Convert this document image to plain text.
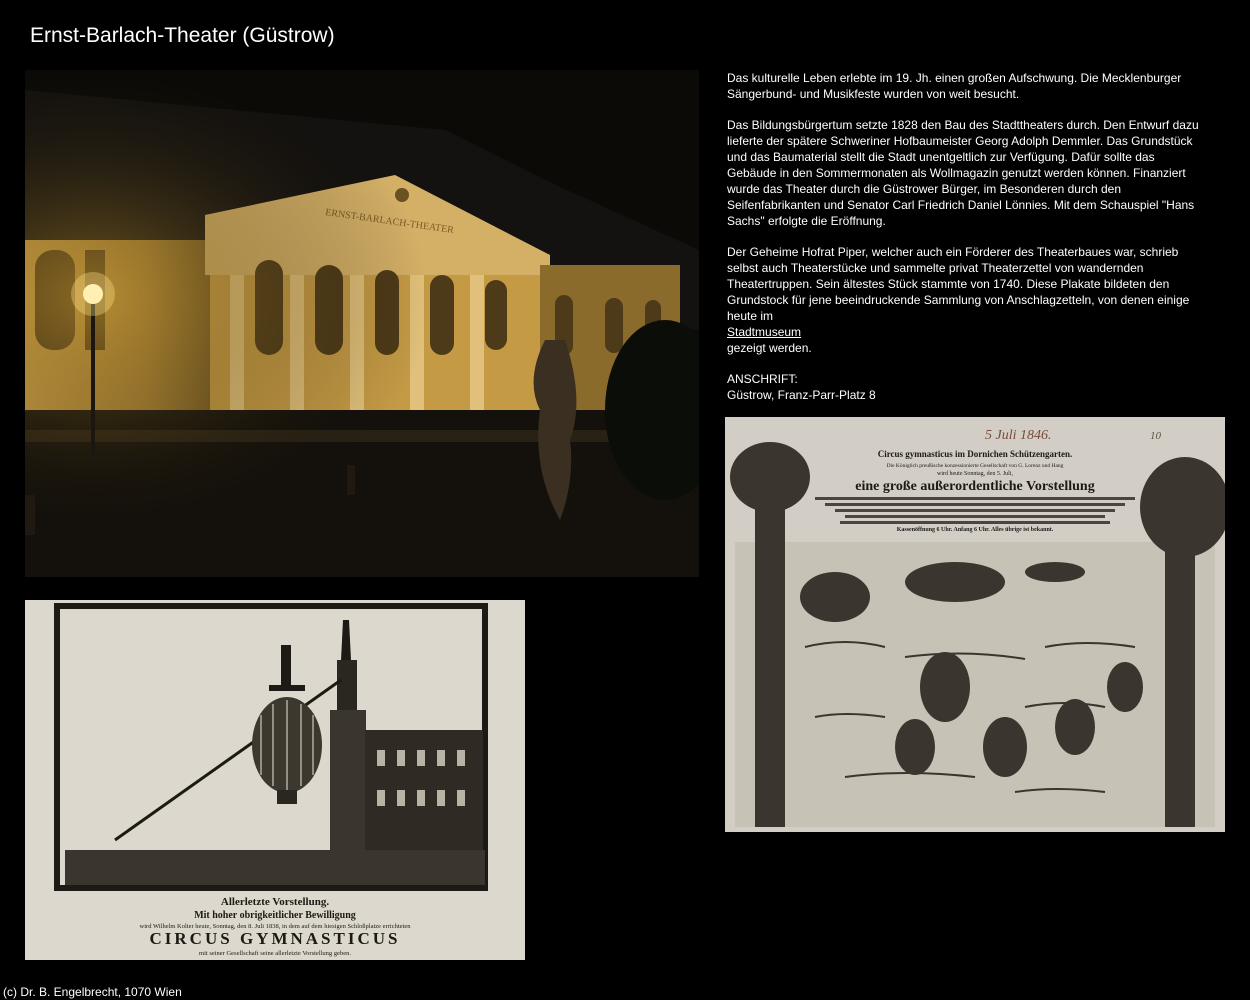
Ernst-Barlach-Theater (Güstrow)
Allerletzte Vorstellung.
Mit hoher obrigkeitlicher Bewilligung
wird Wilhelm Kolter heute, Sonntag, den 8. Juli 1838, in dem auf dem hiesigen Schloßplatze errichteten
CIRCUS GYMNASTICUS
mit seiner Gesellschaft seine allerletzte Vorstellung geben.

Das kulturelle Leben erlebte im 19. Jh. einen großen Aufschwung. Die Mecklenburger Sängerbund- und Musikfeste wurden von weit besucht.

Das Bildungsbürgertum setzte 1828 den Bau des Stadttheaters durch. Den Entwurf dazu lieferte der spätere Schweriner Hofbaumeister Georg Adolph Demmler. Das Grundstück und das Baumaterial stellt die Stadt unentgeltlich zur Verfügung. Dafür sollte das Gebäude in den Sommermonaten als Wollmagazin genutzt werden können. Finanziert wurde das Theater durch die Güstrower Bürger, im Besonderen durch den Seifenfabrikanten und Senator Carl Friedrich Daniel Lönnies. Mit dem Schauspiel "Hans Sachs" erfolgte die Eröffnung.

Der Geheime Hofrat Piper, welcher auch ein Förderer des Theaterbaues war, schrieb selbst auch Theaterstücke und sammelte privat Theaterzettel von wandernden Theatertruppen. Sein ältestes Stück stammte von 1740. Diese Plakate bildeten den Grundstock für jene beeindruckende Sammlung von Anschlagzetteln, von denen einige heute im
Stadtmuseum
gezeigt werden.

ANSCHRIFT:
Güstrow, Franz-Parr-Platz 8

5 Juli 1846.	10
Circus gymnasticus im Dornichen Schützengarten.
Die Königlich preußische konzessionierte Gesellschaft von G. Lorenz und Hang
wird heute Sonntag, den 5. Juli,
eine große außerordentliche Vorstellung
Kassenöffnung 6 Uhr. Anfang 6 Uhr. Alles übrige ist bekannt.
(c) Dr. B. Engelbrecht, 1070 Wien
